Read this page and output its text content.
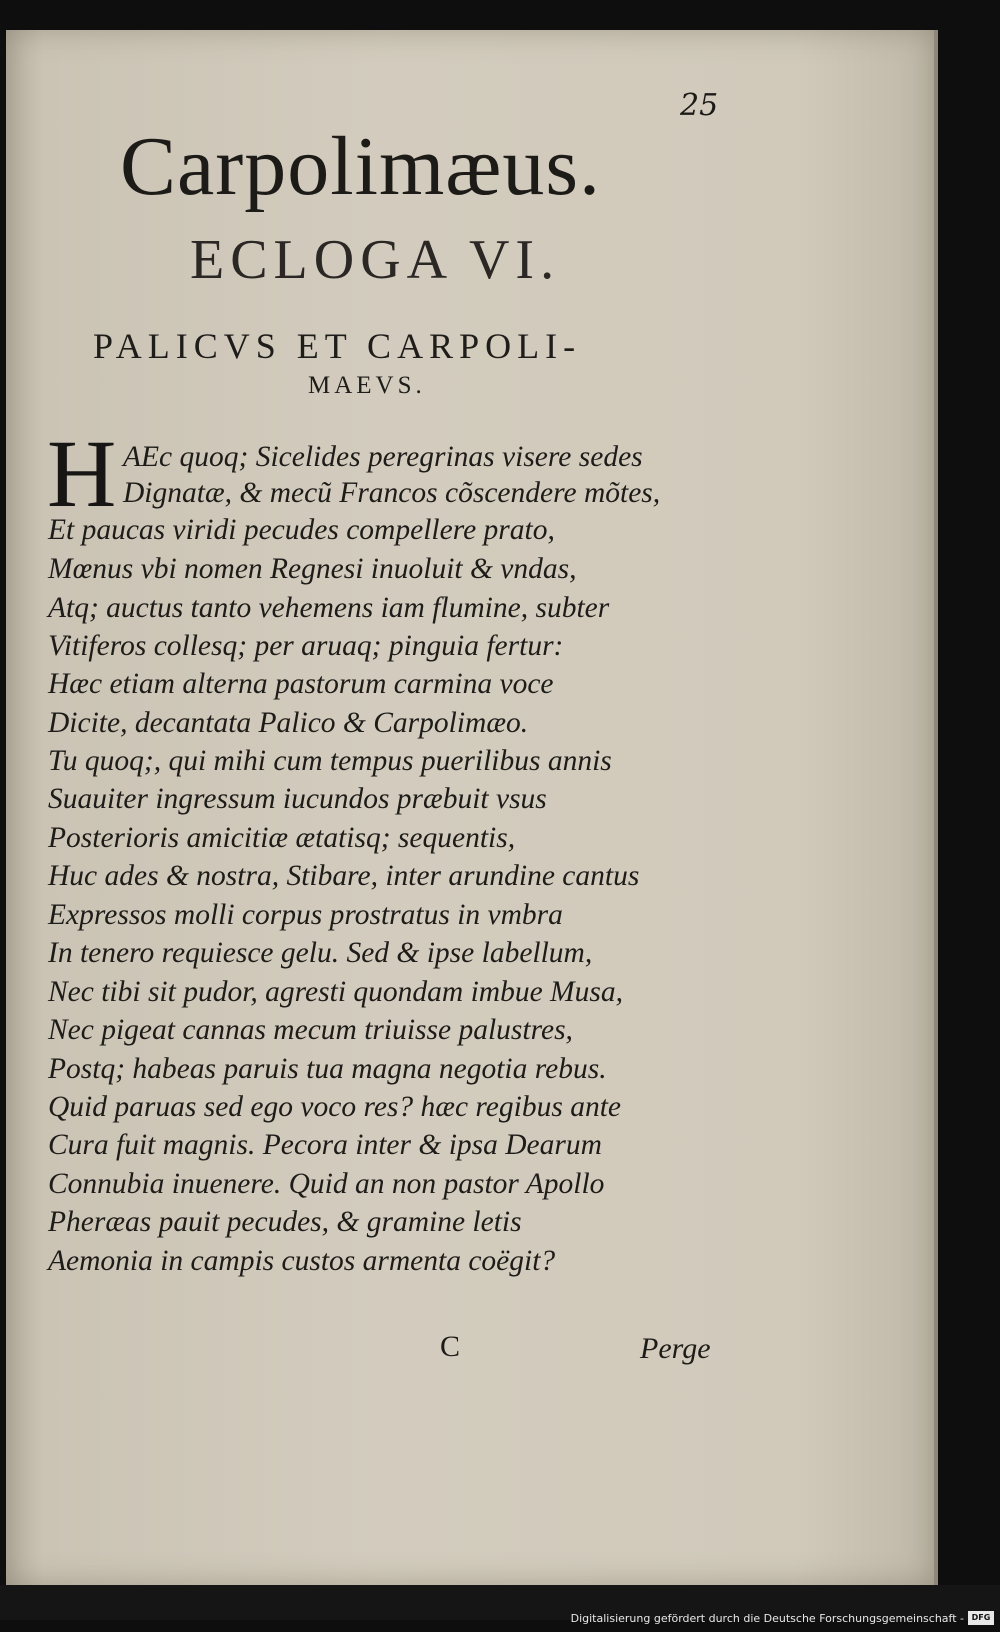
25
Carpolimæus.
ECLOGA VI.
PALICVS ET CARPOLI-
MAEVS.
H AEc quoq; Sicelides peregrinas visere sedes
Dignatæ, & mecũ Francos cõscendere mõtes,
Et paucas viridi pecudes compellere prato,
Mœnus vbi nomen Regnesi inuoluit & vndas,
Atq; auctus tanto vehemens iam flumine, subter
Vitiferos collesq; per aruaq; pinguia fertur:
Hæc etiam alterna pastorum carmina voce
Dicite, decantata Palico & Carpolimæo.
Tu quoq;, qui mihi cum tempus puerilibus annis
Suauiter ingressum iucundos præbuit vsus
Posterioris amicitiæ ætatisq; sequentis,
Huc ades & nostra, Stibare, inter arundine cantus
Expressos molli corpus prostratus in vmbra
In tenero requiesce gelu. Sed & ipse labellum,
Nec tibi sit pudor, agresti quondam imbue Musa,
Nec pigeat cannas mecum triuisse palustres,
Postq; habeas paruis tua magna negotia rebus.
Quid paruas sed ego voco res? hæc regibus ante
Cura fuit magnis. Pecora inter & ipsa Dearum
Connubia inuenere. Quid an non pastor Apollo
Pheræas pauit pecudes, & gramine letis
Aemonia in campis custos armenta coëgit?
C	Perge
Digitalisierung gefördert durch die Deutsche Forschungsgemeinschaft - DFG
